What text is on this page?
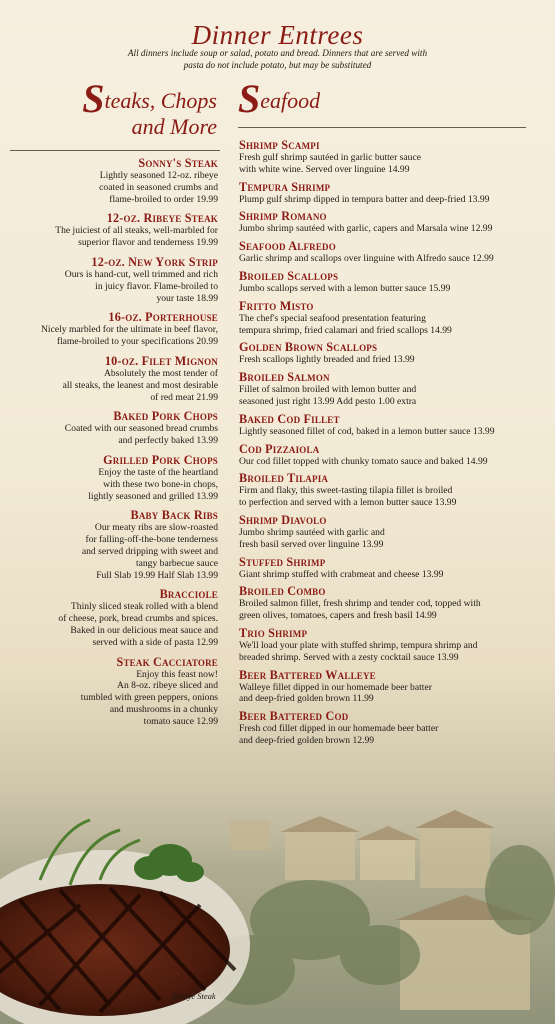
Dinner Entrees
All dinners include soup or salad, potato and bread. Dinners that are served with
pasta do not include potato, but may be substituted
Steaks, Chops
and More
Seafood
Sonny's Steak
Lightly seasoned 12-oz. ribeye
coated in seasoned crumbs and
flame-broiled to order 19.99
12-oz. Ribeye Steak
The juiciest of all steaks, well-marbled for
superior flavor and tenderness 19.99
12-oz. New York Strip
Ours is hand-cut, well trimmed and rich
in juicy flavor. Flame-broiled to
your taste 18.99
16-oz. Porterhouse
Nicely marbled for the ultimate in beef flavor,
flame-broiled to your specifications 20.99
10-oz. Filet Mignon
Absolutely the most tender of
all steaks, the leanest and most desirable
of red meat 21.99
Baked Pork Chops
Coated with our seasoned bread crumbs
and perfectly baked 13.99
Grilled Pork Chops
Enjoy the taste of the heartland
with these two bone-in chops,
lightly seasoned and grilled 13.99
Baby Back Ribs
Our meaty ribs are slow-roasted
for falling-off-the-bone tenderness
and served dripping with sweet and
tangy barbecue sauce
Full Slab 19.99 Half Slab 13.99
Bracciole
Thinly sliced steak rolled with a blend
of cheese, pork, bread crumbs and spices.
Baked in our delicious meat sauce and
served with a side of pasta 12.99
Steak Cacciatore
Enjoy this feast now!
An 8-oz. ribeye sliced and
tumbled with green peppers, onions
and mushrooms in a chunky
tomato sauce 12.99
Shrimp Scampi
Fresh gulf shrimp sautéed in garlic butter sauce
with white wine. Served over linguine 14.99
Tempura Shrimp
Plump gulf shrimp dipped in tempura batter and deep-fried 13.99
Shrimp Romano
Jumbo shrimp sautéed with garlic, capers and Marsala wine 12.99
Seafood Alfredo
Garlic shrimp and scallops over linguine with Alfredo sauce 12.99
Broiled Scallops
Jumbo scallops served with a lemon butter sauce 15.99
Fritto Misto
The chef's special seafood presentation featuring
tempura shrimp, fried calamari and fried scallops 14.99
Golden Brown Scallops
Fresh scallops lightly breaded and fried 13.99
Broiled Salmon
Fillet of salmon broiled with lemon butter and
seasoned just right 13.99 Add pesto 1.00 extra
Baked Cod Fillet
Lightly seasoned fillet of cod, baked in a lemon butter sauce 13.99
Cod Pizzaiola
Our cod fillet topped with chunky tomato sauce and baked 14.99
Broiled Tilapia
Firm and flaky, this sweet-tasting tilapia fillet is broiled
to perfection and served with a lemon butter sauce 13.99
Shrimp Diavolo
Jumbo shrimp sautéed with garlic and
fresh basil served over linguine 13.99
Stuffed Shrimp
Giant shrimp stuffed with crabmeat and cheese 13.99
Broiled Combo
Broiled salmon fillet, fresh shrimp and tender cod, topped with
green olives, tomatoes, capers and fresh basil 14.99
Trio Shrimp
We'll load your plate with stuffed shrimp, tempura shrimp and
breaded shrimp. Served with a zesty cocktail sauce 13.99
Beer Battered Walleye
Walleye fillet dipped in our homemade beer batter
and deep-fried golden brown 11.99
Beer Battered Cod
Fresh cod fillet dipped in our homemade beer batter
and deep-fried golden brown 12.99
Ribeye Steak
